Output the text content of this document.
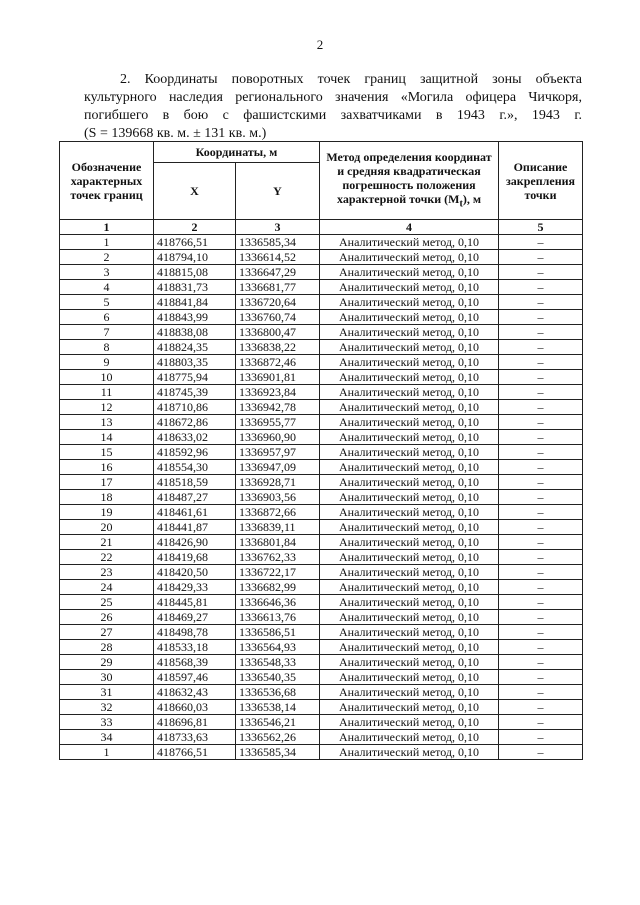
2
2. Координаты поворотных точек границ защитной зоны объекта
культурного наследия регионального значения «Могила офицера Чичкоря,
погибшего в бою с фашистскими захватчиками в 1943 г.», 1943 г.
(S = 139668 кв. м. ± 131 кв. м.)
Обозначение характерных точек границ	Координаты, м		Метод определения координат и средняя квадратическая погрешность положения характерной точки $(M_t)$, м	Описание закрепления точки
	X	Y		
1	2	3	4	5
1	418766,51	1336585,34	Аналитический метод, 0,10	–
2	418794,10	1336614,52	Аналитический метод, 0,10	–
3	418815,08	1336647,29	Аналитический метод, 0,10	–
4	418831,73	1336681,77	Аналитический метод, 0,10	–
5	418841,84	1336720,64	Аналитический метод, 0,10	–
6	418843,99	1336760,74	Аналитический метод, 0,10	–
7	418838,08	1336800,47	Аналитический метод, 0,10	–
8	418824,35	1336838,22	Аналитический метод, 0,10	–
9	418803,35	1336872,46	Аналитический метод, 0,10	–
10	418775,94	1336901,81	Аналитический метод, 0,10	–
11	418745,39	1336923,84	Аналитический метод, 0,10	–
12	418710,86	1336942,78	Аналитический метод, 0,10	–
13	418672,86	1336955,77	Аналитический метод, 0,10	–
14	418633,02	1336960,90	Аналитический метод, 0,10	–
15	418592,96	1336957,97	Аналитический метод, 0,10	–
16	418554,30	1336947,09	Аналитический метод, 0,10	–
17	418518,59	1336928,71	Аналитический метод, 0,10	–
18	418487,27	1336903,56	Аналитический метод, 0,10	–
19	418461,61	1336872,66	Аналитический метод, 0,10	–
20	418441,87	1336839,11	Аналитический метод, 0,10	–
21	418426,90	1336801,84	Аналитический метод, 0,10	–
22	418419,68	1336762,33	Аналитический метод, 0,10	–
23	418420,50	1336722,17	Аналитический метод, 0,10	–
24	418429,33	1336682,99	Аналитический метод, 0,10	–
25	418445,81	1336646,36	Аналитический метод, 0,10	–
26	418469,27	1336613,76	Аналитический метод, 0,10	–
27	418498,78	1336586,51	Аналитический метод, 0,10	–
28	418533,18	1336564,93	Аналитический метод, 0,10	–
29	418568,39	1336548,33	Аналитический метод, 0,10	–
30	418597,46	1336540,35	Аналитический метод, 0,10	–
31	418632,43	1336536,68	Аналитический метод, 0,10	–
32	418660,03	1336538,14	Аналитический метод, 0,10	–
33	418696,81	1336546,21	Аналитический метод, 0,10	–
34	418733,63	1336562,26	Аналитический метод, 0,10	–
1	418766,51	1336585,34	Аналитический метод, 0,10	–
